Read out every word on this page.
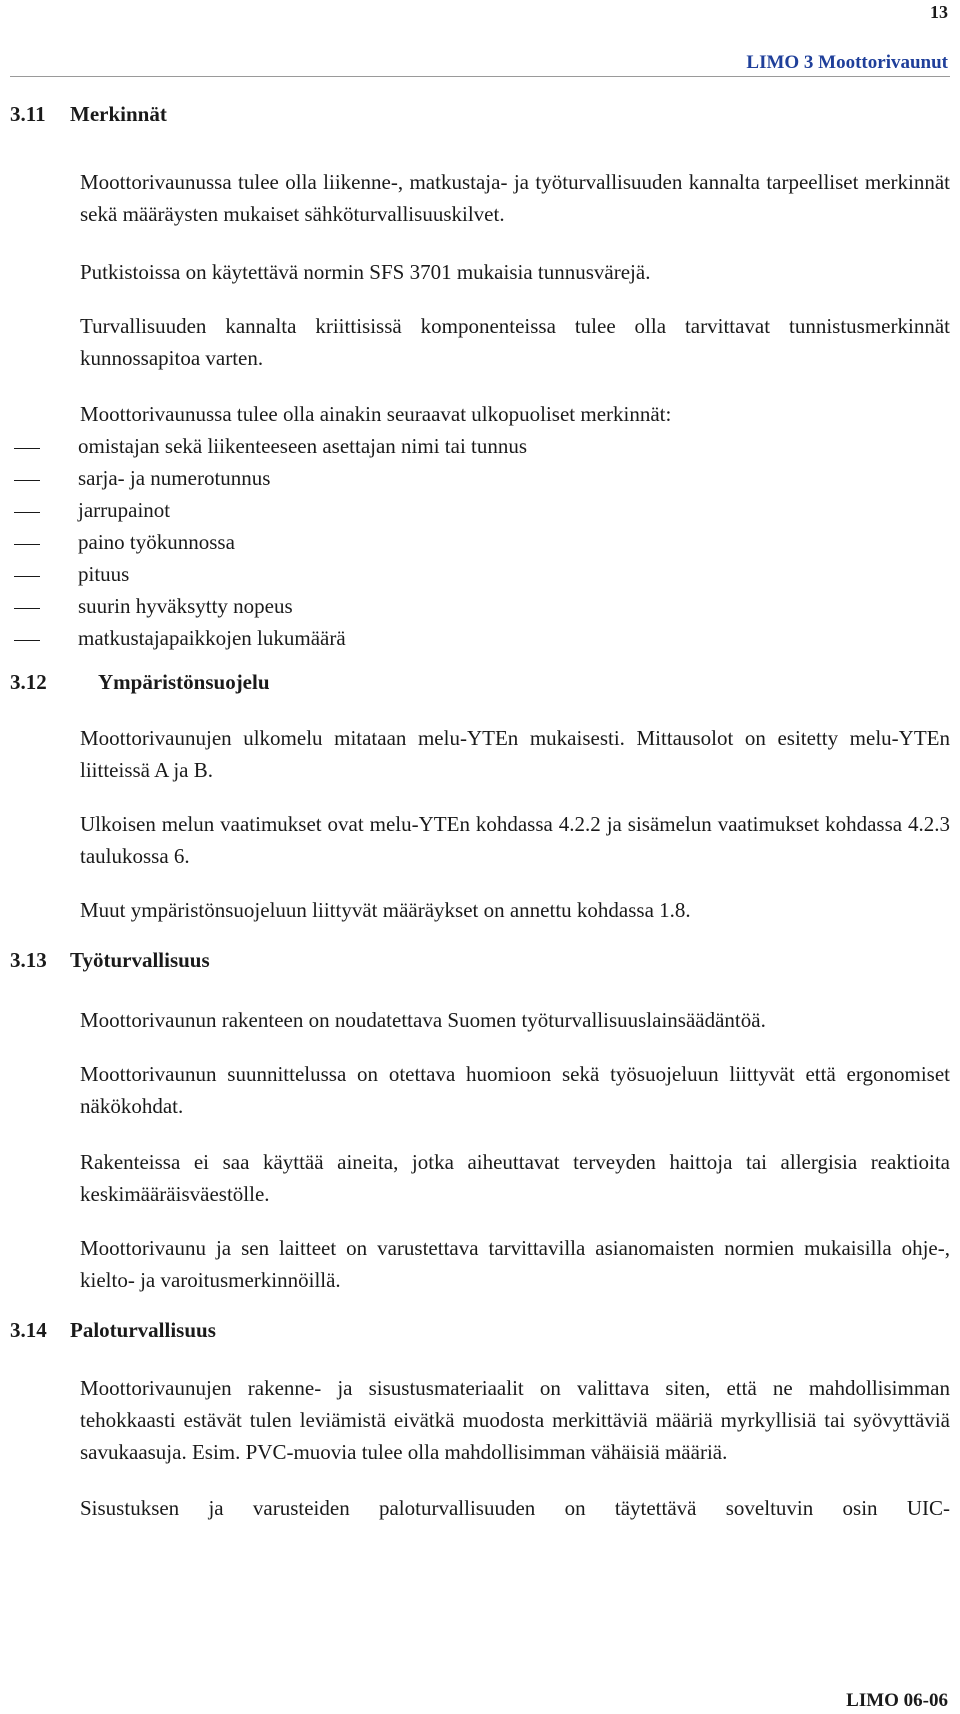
13
LIMO 3 Moottorivaunut
3.11	Merkinnät

Moottorivaunussa tulee olla liikenne-, matkustaja- ja työturvallisuuden kannalta tarpeelliset merkinnät sekä määräysten mukaiset sähköturvallisuuskilvet.

Putkistoissa on käytettävä normin SFS 3701 mukaisia tunnusvärejä.

Turvallisuuden kannalta kriittisissä komponenteissa tulee olla tarvittavat tunnistusmerkinnät kunnossapitoa varten.

Moottorivaunussa tulee olla ainakin seuraavat ulkopuoliset merkinnät:

omistajan sekä liikenteeseen asettajan nimi tai tunnus
sarja- ja numerotunnus
jarrupainot
paino työkunnossa
pituus
suurin hyväksytty nopeus
matkustajapaikkojen lukumäärä
3.12	Ympäristönsuojelu

Moottorivaunujen ulkomelu mitataan melu-YTEn mukaisesti. Mittausolot on esitetty melu-YTEn liitteissä A ja B.

Ulkoisen melun vaatimukset ovat melu-YTEn kohdassa 4.2.2 ja sisämelun vaatimukset kohdassa 4.2.3 taulukossa 6.

Muut ympäristönsuojeluun liittyvät määräykset on annettu kohdassa 1.8.

3.13	Työturvallisuus

Moottorivaunun rakenteen on noudatettava Suomen työturvallisuuslainsäädäntöä.

Moottorivaunun suunnittelussa on otettava huomioon sekä työsuojeluun liittyvät että ergonomiset näkökohdat.

Rakenteissa ei saa käyttää aineita, jotka aiheuttavat terveyden haittoja tai allergisia reaktioita keskimääräisväestölle.

Moottorivaunu ja sen laitteet on varustettava tarvittavilla asianomaisten normien mukaisilla ohje-, kielto- ja varoitusmerkinnöillä.

3.14	Paloturvallisuus

Moottorivaunujen rakenne- ja sisustusmateriaalit on valittava siten, että ne mahdollisimman tehokkaasti estävät tulen leviämistä eivätkä muodosta merkittäviä määriä myrkyllisiä tai syövyttäviä savukaasuja. Esim. PVC-muovia tulee olla mahdollisimman vähäisiä määriä.

Sisustuksen ja varusteiden paloturvallisuuden on täytettävä soveltuvin osin UIC-

LIMO 06-06
